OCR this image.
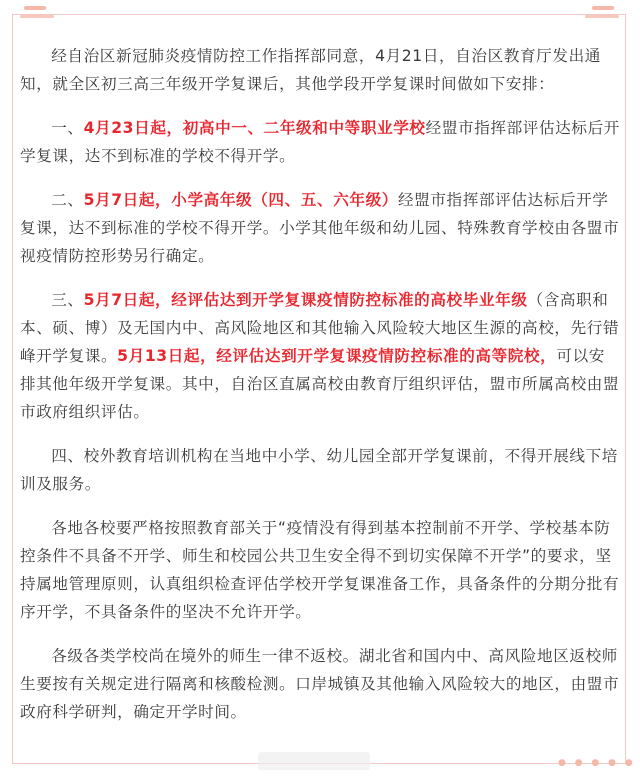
经自治区新冠肺炎疫情防控工作指挥部同意，4月21日，自治区教育厅发出通知，就全区初三高三年级开学复课后，其他学段开学复课时间做如下安排：

一、4月23日起，初高中一、二年级和中等职业学校经盟市指挥部评估达标后开学复课，达不到标准的学校不得开学。

二、5月7日起，小学高年级（四、五、六年级）经盟市指挥部评估达标后开学复课，达不到标准的学校不得开学。小学其他年级和幼儿园、特殊教育学校由各盟市视疫情防控形势另行确定。

三、5月7日起，经评估达到开学复课疫情防控标准的高校毕业年级（含高职和本、硕、博）及无国内中、高风险地区和其他输入风险较大地区生源的高校，先行错峰开学复课。5月13日起，经评估达到开学复课疫情防控标准的高等院校，可以安排其他年级开学复课。其中，自治区直属高校由教育厅组织评估，盟市所属高校由盟市政府组织评估。

四、校外教育培训机构在当地中小学、幼儿园全部开学复课前，不得开展线下培训及服务。

各地各校要严格按照教育部关于“疫情没有得到基本控制前不开学、学校基本防控条件不具备不开学、师生和校园公共卫生安全得不到切实保障不开学”的要求，坚持属地管理原则，认真组织检查评估学校开学复课准备工作，具备条件的分期分批有序开学，不具备条件的坚决不允许开学。

各级各类学校尚在境外的师生一律不返校。湖北省和国内中、高风险地区返校师生要按有关规定进行隔离和核酸检测。口岸城镇及其他输入风险较大的地区，由盟市政府科学研判，确定开学时间。

● ● ● ● ●
